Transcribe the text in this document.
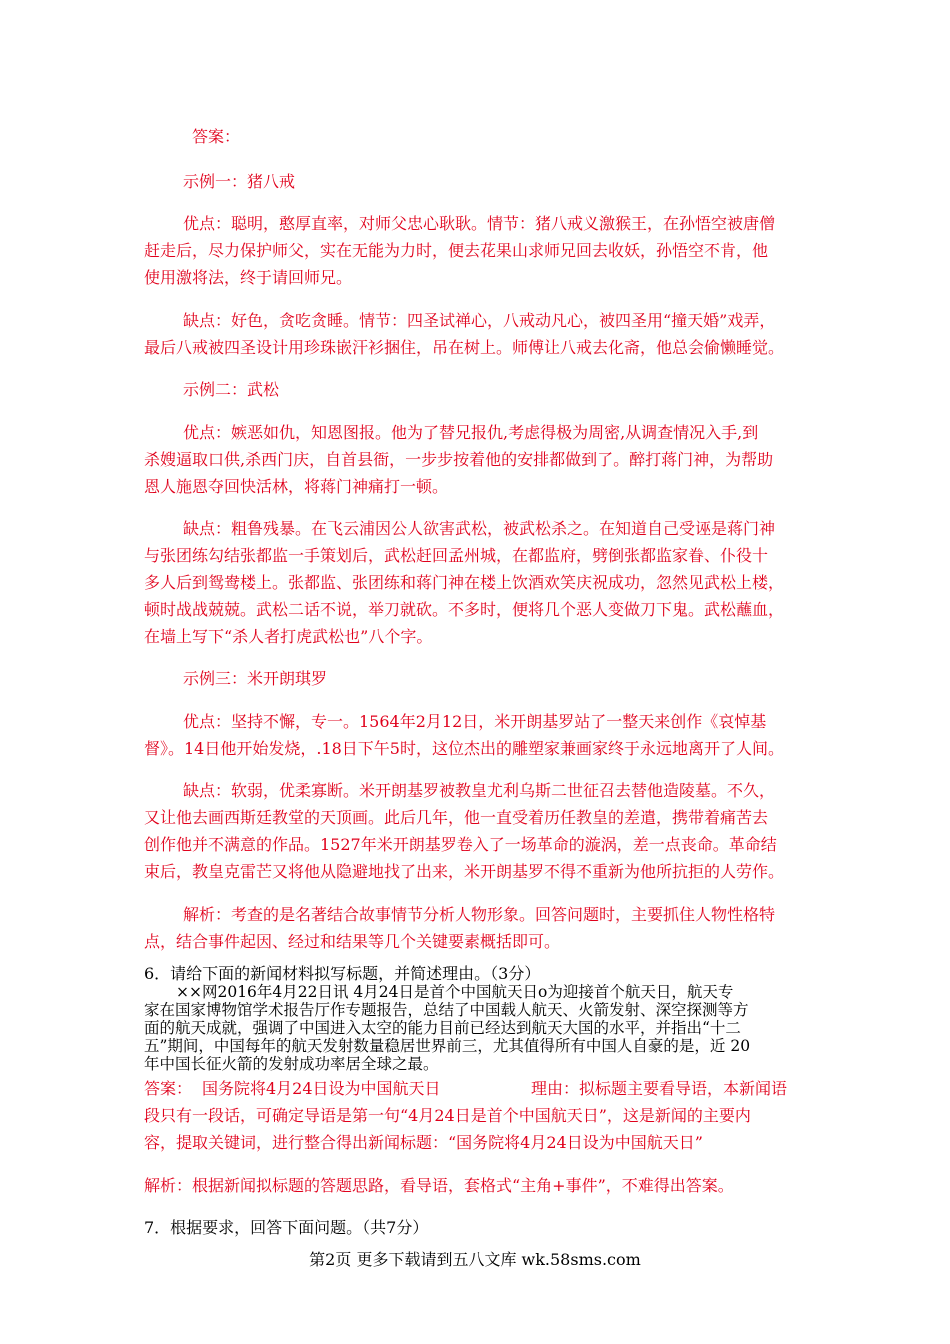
答案：
示例一：猪八戒
优点：聪明，憨厚直率，对师父忠心耿耿。情节：猪八戒义激猴王，在孙悟空被唐僧
赶走后，尽力保护师父，实在无能为力时，便去花果山求师兄回去收妖，孙悟空不肯，他
使用激将法，终于请回师兄。
缺点：好色，贪吃贪睡。情节：四圣试禅心，八戒动凡心，被四圣用“撞天婚”戏弄，
最后八戒被四圣设计用珍珠嵌汗衫捆住，吊在树上。师傅让八戒去化斋，他总会偷懒睡觉。
示例二：武松
优点：嫉恶如仇，知恩图报。他为了替兄报仇,考虑得极为周密,从调查情况入手,到
杀嫂逼取口供,杀西门庆，自首县衙，一步步按着他的安排都做到了。醉打蒋门神，为帮助
恩人施恩夺回快活林，将蒋门神痛打一顿。
缺点：粗鲁残暴。在飞云浦因公人欲害武松，被武松杀之。在知道自己受诬是蒋门神
与张团练勾结张都监一手策划后，武松赶回孟州城，在都监府，劈倒张都监家眷、仆役十
多人后到鸳鸯楼上。张都监、张团练和蒋门神在楼上饮酒欢笑庆祝成功，忽然见武松上楼，
顿时战战兢兢。武松二话不说，举刀就砍。不多时，便将几个恶人变做刀下鬼。武松蘸血，
在墙上写下“杀人者打虎武松也”八个字。
示例三：米开朗琪罗
优点：坚持不懈，专一。1564年2月12日，米开朗基罗站了一整天来创作《哀悼基
督》。14日他开始发烧，.18日下午5时，这位杰出的雕塑家兼画家终于永远地离开了人间。
缺点：软弱，优柔寡断。米开朗基罗被教皇尤利乌斯二世征召去替他造陵墓。不久，
又让他去画西斯廷教堂的天顶画。此后几年，他一直受着历任教皇的差遣，携带着痛苦去
创作他并不满意的作品。1527年米开朗基罗卷入了一场革命的漩涡，差一点丧命。革命结
束后，教皇克雷芒又将他从隐避地找了出来，米开朗基罗不得不重新为他所抗拒的人劳作。
解析：考查的是名著结合故事情节分析人物形象。回答问题时，主要抓住人物性格特
点，结合事件起因、经过和结果等几个关键要素概括即可。
6．请给下面的新闻材料拟写标题，并简述理由。（3分）
××网2016年4月22日讯 4月24日是首个中国航天日o为迎接首个航天日，航天专
家在国家博物馆学术报告厅作专题报告，总结了中国载人航天、火箭发射、深空探测等方
面的航天成就，强调了中国进入太空的能力目前已经达到航天大国的水平，并指出“十二
五”期间，中国每年的航天发射数量稳居世界前三，尤其值得所有中国人自豪的是，近 20
年中国长征火箭的发射成功率居全球之最。
答案： 国务院将4月24日设为中国航天日	理由：拟标题主要看导语，本新闻语
段只有一段话，可确定导语是第一句“4月24日是首个中国航天日”，这是新闻的主要内
容，提取关键词，进行整合得出新闻标题：“国务院将4月24日设为中国航天日”
解析：根据新闻拟标题的答题思路，看导语，套格式“主角+事件”，不难得出答案。
7．根据要求，回答下面问题。（共7分）
第2页 更多下载请到五八文库 wk.58sms.com
